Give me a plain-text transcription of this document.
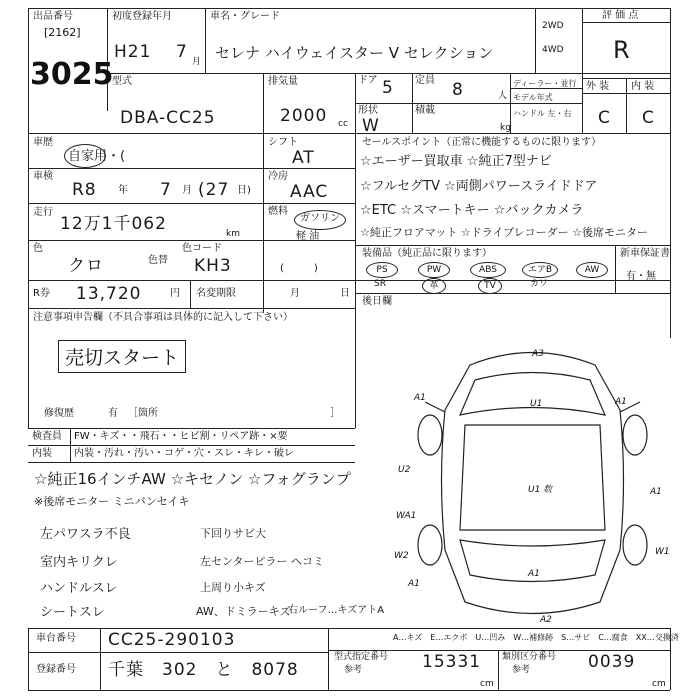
出品番号
[2162]
3025
初度登録年月
H21 7 月
車名・グレード
セレナ ハイウェイスター V セレクション
2WD
4WD
評 価 点
R
型式
DBA-CC25
排気量
2000 cc
ドア 5 定員 8	人
形状
W
積載
kg
ディーラー・並行
モデル年式
ハンドル 左・右
外 装 内 装
C C
車歴
自家用・(
シフト
AT
車検
R8 年 7 月 (27 日)
冷房
AAC
走行
12万1千062	km
燃料
ガソリン
軽 油
色
クロ	色替
色コード
KH3	(　　　)
R券 13,720	円 名変期限	月	日
注意事項申告欄（不具合事項は具体的に記入して下さい）
売切スタート
修復歴	有 ［箇所	］
検査員 FW・キズ・・飛石・・ヒビ割・リペア跡・×要
内装 内装・汚れ・汚い・コゲ・穴・スレ・キレ・破レ
セールスポイント（正常に機能するものに限ります）
☆エーザー買取車 ☆純正7型ナビ
☆フルセグTV ☆両側パワースライドドア
☆ETC ☆スマートキー ☆バックカメラ
☆純正フロアマット ☆ドライブレコーダー ☆後席モニター
装備品（純正品に限ります）	新車保証書
有・無
PS	PW	ABS	エアB	AW
SR	革	TV	カワ
後日欄
☆純正16インチAW ☆キセノン ☆フォグランプ
※後席モニター ミニバンセイキ
左パワスラ不良	下回りサビ大
室内キリクレ	左センターピラー ヘコミ
ハンドルスレ	上周り小キズ
シートスレ	AW、ドミラーキズ
右ルーフ…キズアトA
A3
A1
U1
U1 数
U2
WA1
W2
A1
A2
A1
A1
W1
A1
A…キズ　E…エクボ　U…凹み　W…補修跡　S…サビ　C…腐食　XX…交換済
車台番号 CC25-290103
登録番号 千葉　302　と　8078
型式指定番号
参考	15331 類別区分番号
参考	0039
cm	cm
